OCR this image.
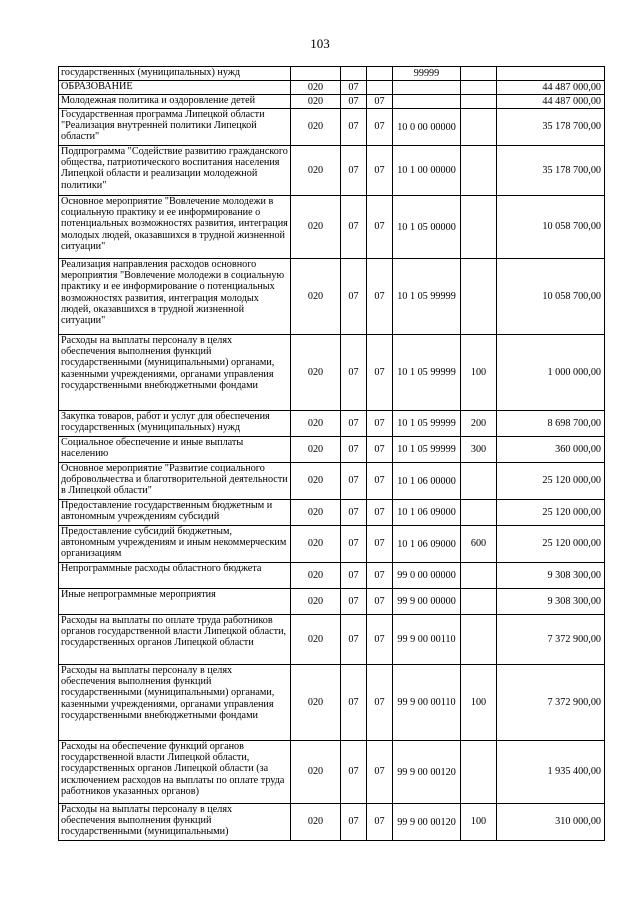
103
государственных (муниципальных) нужд				99999		
ОБРАЗОВАНИЕ	020	07				44 487 000,00
Молодежная политика и оздоровление детей	020	07	07			44 487 000,00
Государственная программа Липецкой области "Реализация внутренней политики Липецкой области"	020	07	07	10 0 00 00000		35 178 700,00
Подпрограмма "Содействие развитию гражданского общества, патриотического воспитания населения Липецкой области и реализации молодежной политики"	020	07	07	10 1 00 00000		35 178 700,00
Основное мероприятие "Вовлечение молодежи в социальную практику и ее информирование о потенциальных возможностях развития, интеграция молодых людей, оказавшихся в трудной жизненной ситуации"	020	07	07	10 1 05 00000		10 058 700,00
Реализация направления расходов основного мероприятия "Вовлечение молодежи в социальную практику и ее информирование о потенциальных возможностях развития, интеграция молодых людей, оказавшихся в трудной жизненной ситуации"	020	07	07	10 1 05 99999		10 058 700,00
Расходы на выплаты персоналу в целях обеспечения выполнения функций государственными (муниципальными) органами, казенными учреждениями, органами управления государственными внебюджетными фондами	020	07	07	10 1 05 99999	100	1 000 000,00
Закупка товаров, работ и услуг для обеспечения государственных (муниципальных) нужд	020	07	07	10 1 05 99999	200	8 698 700,00
Социальное обеспечение и иные выплаты населению	020	07	07	10 1 05 99999	300	360 000,00
Основное мероприятие "Развитие социального добровольчества и благотворительной деятельности в Липецкой области"	020	07	07	10 1 06 00000		25 120 000,00
Предоставление государственным бюджетным и автономным учреждениям субсидий	020	07	07	10 1 06 09000		25 120 000,00
Предоставление субсидий бюджетным, автономным учреждениям и иным некоммерческим организациям	020	07	07	10 1 06 09000	600	25 120 000,00
Непрограммные расходы областного бюджета	020	07	07	99 0 00 00000		9 308 300,00
Иные непрограммные мероприятия	020	07	07	99 9 00 00000		9 308 300,00
Расходы на выплаты по оплате труда работников органов государственной власти Липецкой области, государственных органов Липецкой области	020	07	07	99 9 00 00110		7 372 900,00
Расходы на выплаты персоналу в целях обеспечения выполнения функций государственными (муниципальными) органами, казенными учреждениями, органами управления государственными внебюджетными фондами	020	07	07	99 9 00 00110	100	7 372 900,00
Расходы на обеспечение функций органов государственной власти Липецкой области, государственных органов Липецкой области (за исключением расходов на выплаты по оплате труда работников указанных органов)	020	07	07	99 9 00 00120		1 935 400,00
Расходы на выплаты персоналу в целях обеспечения выполнения функций государственными (муниципальными)	020	07	07	99 9 00 00120	100	310 000,00
